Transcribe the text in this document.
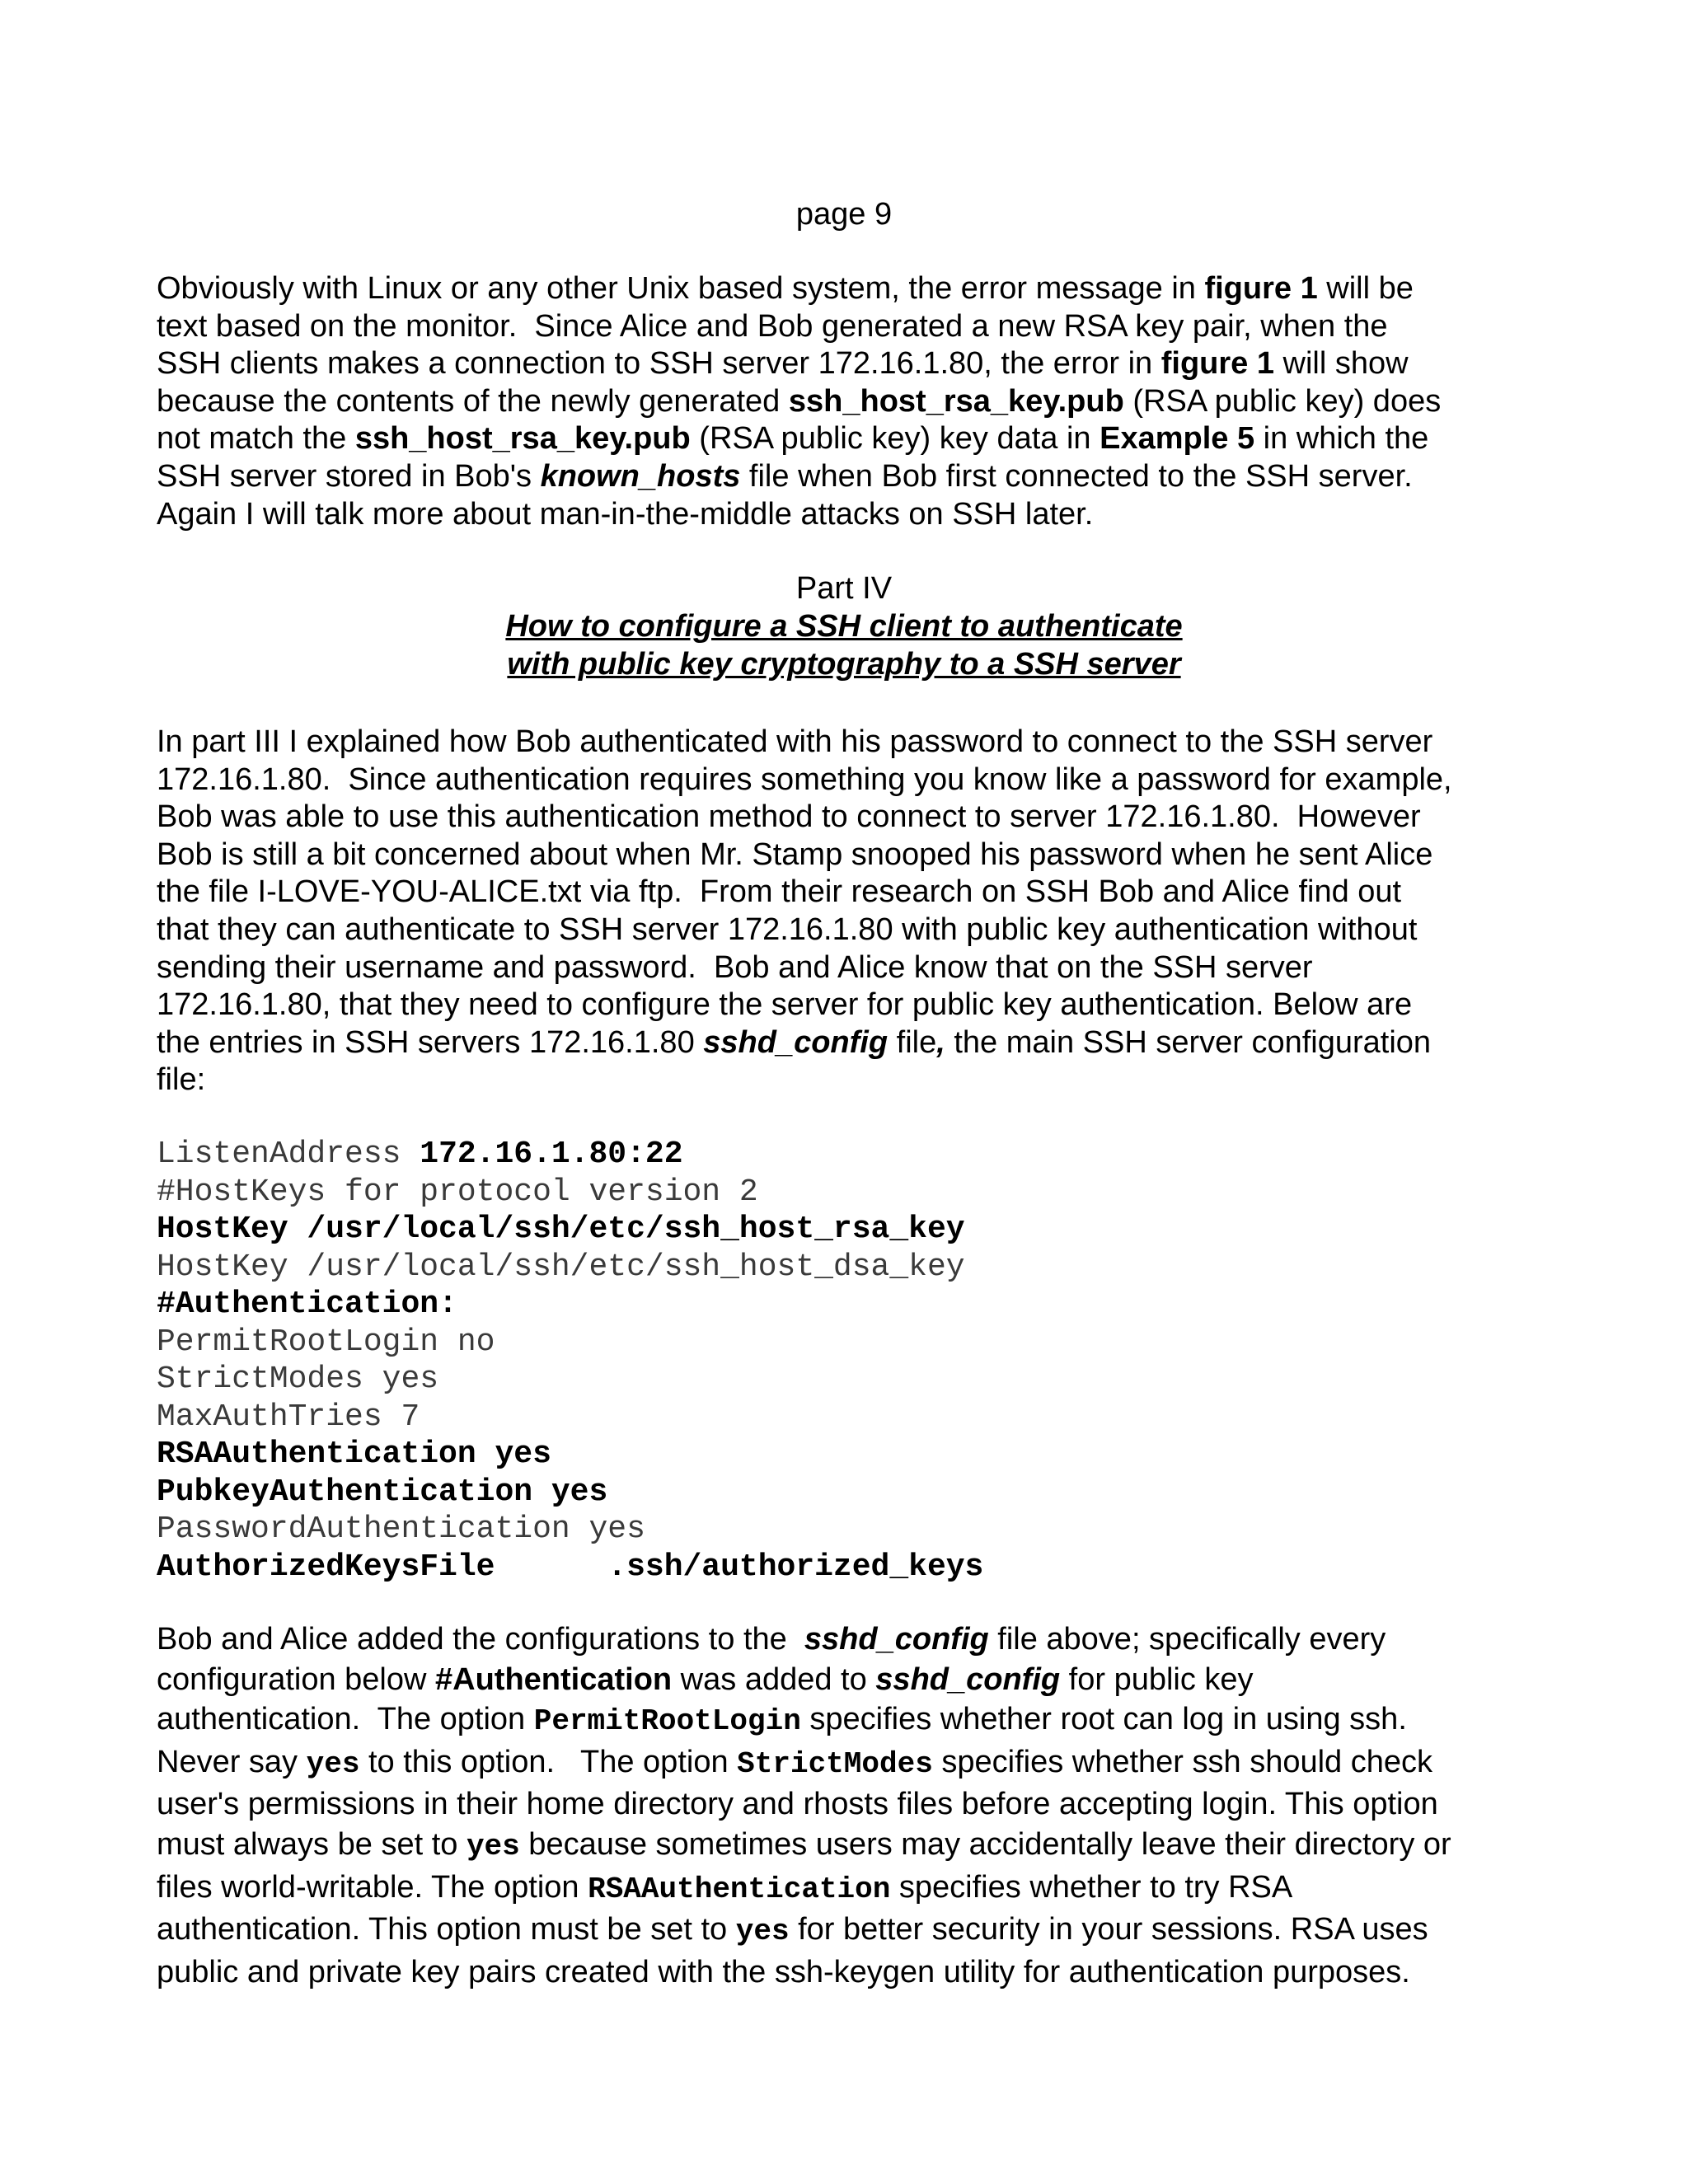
page 9
Obviously with Linux or any other Unix based system, the error message in figure 1 will be
text based on the monitor.  Since Alice and Bob generated a new RSA key pair, when the
SSH clients makes a connection to SSH server 172.16.1.80, the error in figure 1 will show
because the contents of the newly generated ssh_host_rsa_key.pub (RSA public key) does
not match the ssh_host_rsa_key.pub (RSA public key) key data in Example 5 in which the
SSH server stored in Bob's known_hosts file when Bob first connected to the SSH server.
Again I will talk more about man-in-the-middle attacks on SSH later.
Part IV
How to configure a SSH client to authenticate
with public key cryptography to a SSH server
In part III I explained how Bob authenticated with his password to connect to the SSH server
172.16.1.80.  Since authentication requires something you know like a password for example,
Bob was able to use this authentication method to connect to server 172.16.1.80.  However
Bob is still a bit concerned about when Mr. Stamp snooped his password when he sent Alice
the file I-LOVE-YOU-ALICE.txt via ftp.  From their research on SSH Bob and Alice find out
that they can authenticate to SSH server 172.16.1.80 with public key authentication without
sending their username and password.  Bob and Alice know that on the SSH server
172.16.1.80, that they need to configure the server for public key authentication. Below are
the entries in SSH servers 172.16.1.80 sshd_config file, the main SSH server configuration
file:
ListenAddress 172.16.1.80:22
#HostKeys for protocol version 2
HostKey /usr/local/ssh/etc/ssh_host_rsa_key
HostKey /usr/local/ssh/etc/ssh_host_dsa_key
#Authentication:
PermitRootLogin no
StrictModes yes
MaxAuthTries 7
RSAAuthentication yes
PubkeyAuthentication yes
PasswordAuthentication yes
AuthorizedKeysFile      .ssh/authorized_keys
Bob and Alice added the configurations to the  sshd_config file above; specifically every
configuration below #Authentication was added to sshd_config for public key
authentication.  The option PermitRootLogin specifies whether root can log in using ssh.
Never say yes to this option.   The option StrictModes specifies whether ssh should check
user's permissions in their home directory and rhosts files before accepting login. This option
must always be set to yes because sometimes users may accidentally leave their directory or
files world-writable. The option RSAAuthentication specifies whether to try RSA
authentication. This option must be set to yes for better security in your sessions. RSA uses
public and private key pairs created with the ssh-keygen utility for authentication purposes.
